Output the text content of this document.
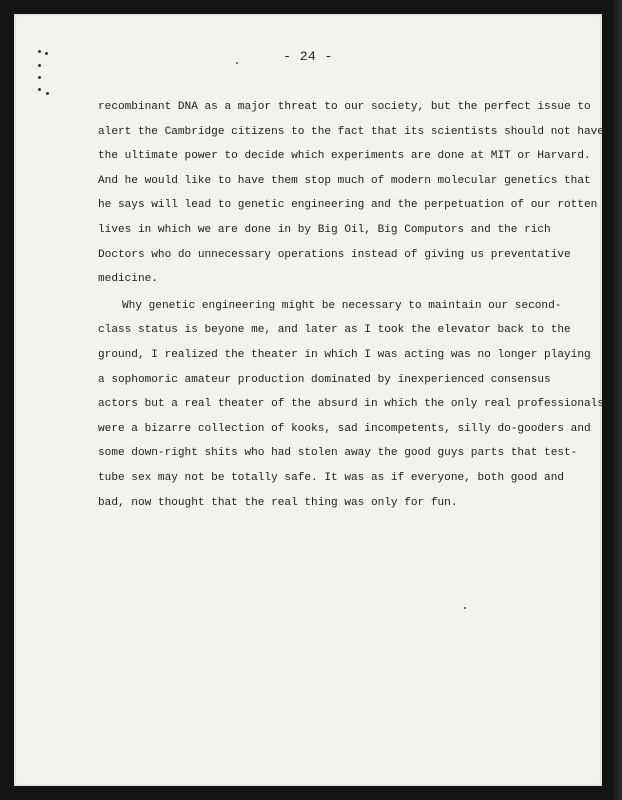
- 24 -
recombinant DNA as a major threat to our society, but the perfect issue to
alert the Cambridge citizens to the fact that its scientists should not have
the ultimate power to decide which experiments are done at MIT or Harvard.
And he would like to have them stop much of modern molecular genetics that
he says will lead to genetic engineering and the perpetuation of our rotten
lives in which we are done in by Big Oil, Big Computors and the rich
Doctors who do unnecessary operations instead of giving us preventative
medicine.
Why genetic engineering might be necessary to maintain our second-
class status is beyone me, and later as I took the elevator back to the
ground, I realized the theater in which I was acting was no longer playing
a sophomoric amateur production dominated by inexperienced consensus
actors but a real theater of the absurd in which the only real professionals
were a bizarre collection of kooks, sad incompetents, silly do-gooders and
some down-right shits who had stolen away the good guys parts that test-
tube sex may not be totally safe. It was as if everyone, both good and
bad, now thought that the real thing was only for fun.
